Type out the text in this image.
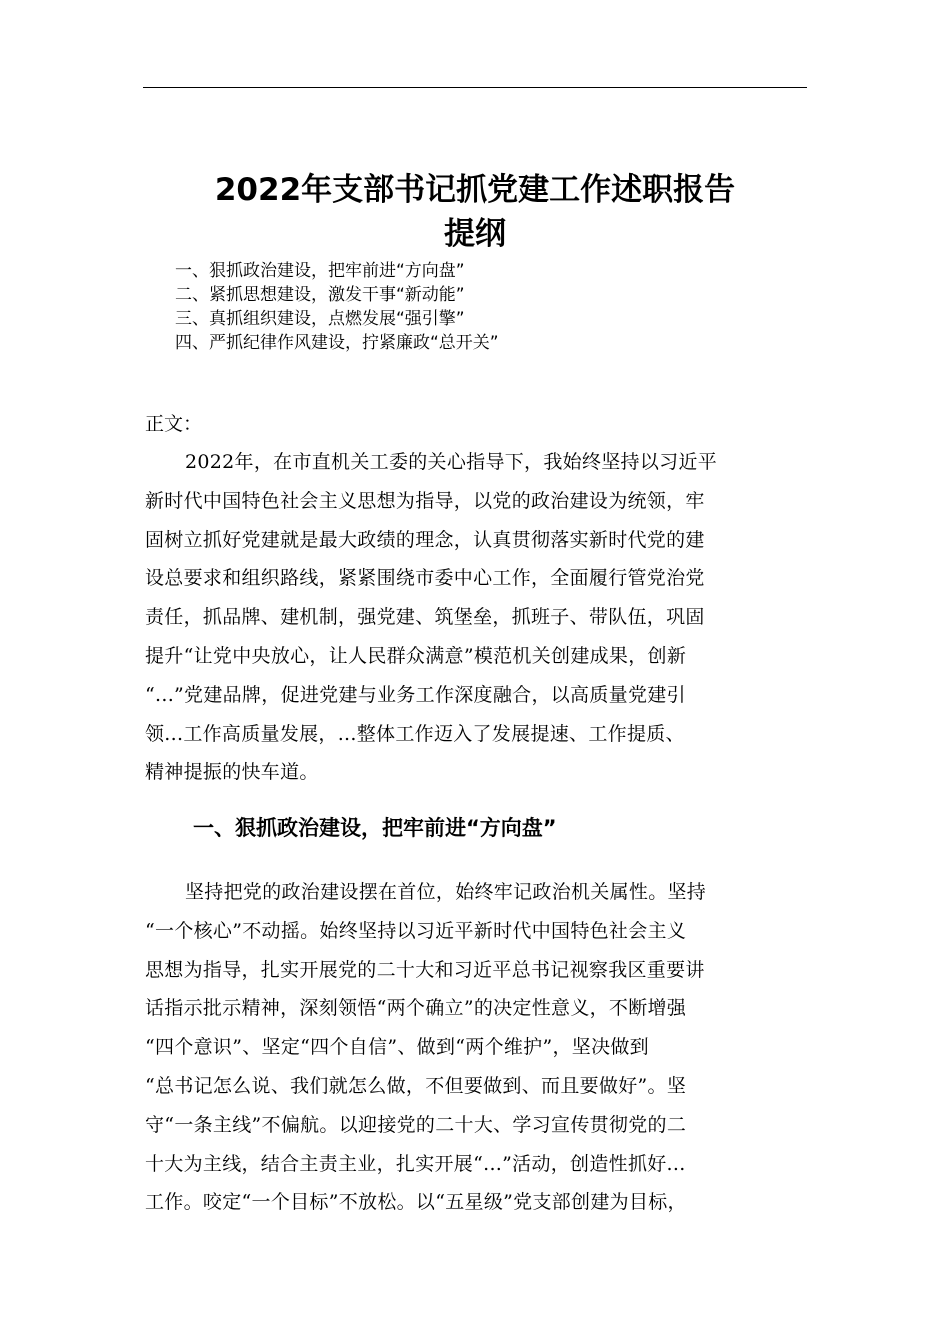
2022年支部书记抓党建工作述职报告
提纲
一、狠抓政治建设，把牢前进“方向盘”
二、紧抓思想建设，激发干事“新动能”
三、真抓组织建设，点燃发展“强引擎”
四、严抓纪律作风建设，拧紧廉政“总开关”
正文：
2022年，在市直机关工委的关心指导下，我始终坚持以习近平
新时代中国特色社会主义思想为指导，以党的政治建设为统领，牢
固树立抓好党建就是最大政绩的理念，认真贯彻落实新时代党的建
设总要求和组织路线，紧紧围绕市委中心工作，全面履行管党治党
责任，抓品牌、建机制，强党建、筑堡垒，抓班子、带队伍，巩固
提升“让党中央放心，让人民群众满意”模范机关创建成果，创新
“...”党建品牌，促进党建与业务工作深度融合，以高质量党建引
领...工作高质量发展，...整体工作迈入了发展提速、工作提质、
精神提振的快车道。
一、狠抓政治建设，把牢前进“方向盘”
坚持把党的政治建设摆在首位，始终牢记政治机关属性。坚持
“一个核心”不动摇。始终坚持以习近平新时代中国特色社会主义
思想为指导，扎实开展党的二十大和习近平总书记视察我区重要讲
话指示批示精神，深刻领悟“两个确立”的决定性意义，不断增强
“四个意识”、坚定“四个自信”、做到“两个维护”，坚决做到
“总书记怎么说、我们就怎么做，不但要做到、而且要做好”。坚
守“一条主线”不偏航。以迎接党的二十大、学习宣传贯彻党的二
十大为主线，结合主责主业，扎实开展“...”活动，创造性抓好...
工作。咬定“一个目标”不放松。以“五星级”党支部创建为目标，
